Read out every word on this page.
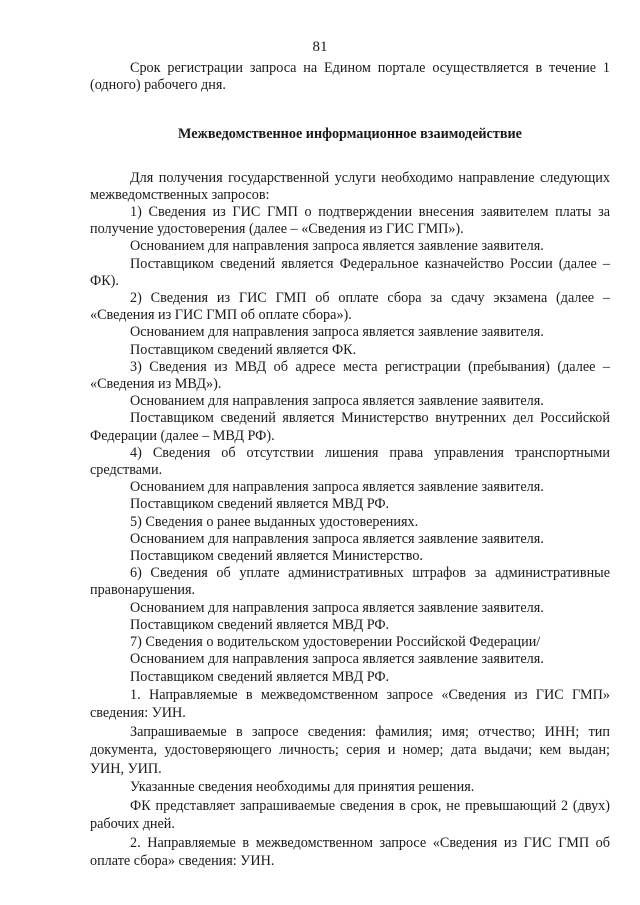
81

Срок регистрации запроса на Едином портале осуществляется в течение 1 (одного) рабочего дня.

Межведомственное информационное взаимодействие

Для получения государственной услуги необходимо направление следующих межведомственных запросов:

1) Сведения из ГИС ГМП о подтверждении внесения заявителем платы за получение удостоверения (далее – «Сведения из ГИС ГМП»).

Основанием для направления запроса является заявление заявителя.

Поставщиком сведений является Федеральное казначейство России (далее – ФК).

2) Сведения из ГИС ГМП об оплате сбора за сдачу экзамена (далее – «Сведения из ГИС ГМП об оплате сбора»).

Основанием для направления запроса является заявление заявителя.

Поставщиком сведений является ФК.

3) Сведения из МВД об адресе места регистрации (пребывания) (далее – «Сведения из МВД»).

Основанием для направления запроса является заявление заявителя.

Поставщиком сведений является Министерство внутренних дел Российской Федерации (далее – МВД РФ).

4) Сведения об отсутствии лишения права управления транспортными средствами.

Основанием для направления запроса является заявление заявителя.

Поставщиком сведений является МВД РФ.

5) Сведения о ранее выданных удостоверениях.

Основанием для направления запроса является заявление заявителя.

Поставщиком сведений является Министерство.

6) Сведения об уплате административных штрафов за административные правонарушения.

Основанием для направления запроса является заявление заявителя.

Поставщиком сведений является МВД РФ.

7) Сведения о водительском удостоверении Российской Федерации/

Основанием для направления запроса является заявление заявителя.

Поставщиком сведений является МВД РФ.

1. Направляемые в межведомственном запросе «Сведения из ГИС ГМП» сведения: УИН.

Запрашиваемые в запросе сведения: фамилия; имя; отчество; ИНН; тип документа, удостоверяющего личность; серия и номер; дата выдачи; кем выдан; УИН, УИП.

Указанные сведения необходимы для принятия решения.

ФК представляет запрашиваемые сведения в срок, не превышающий 2 (двух) рабочих дней.

2. Направляемые в межведомственном запросе «Сведения из ГИС ГМП об оплате сбора» сведения: УИН.
